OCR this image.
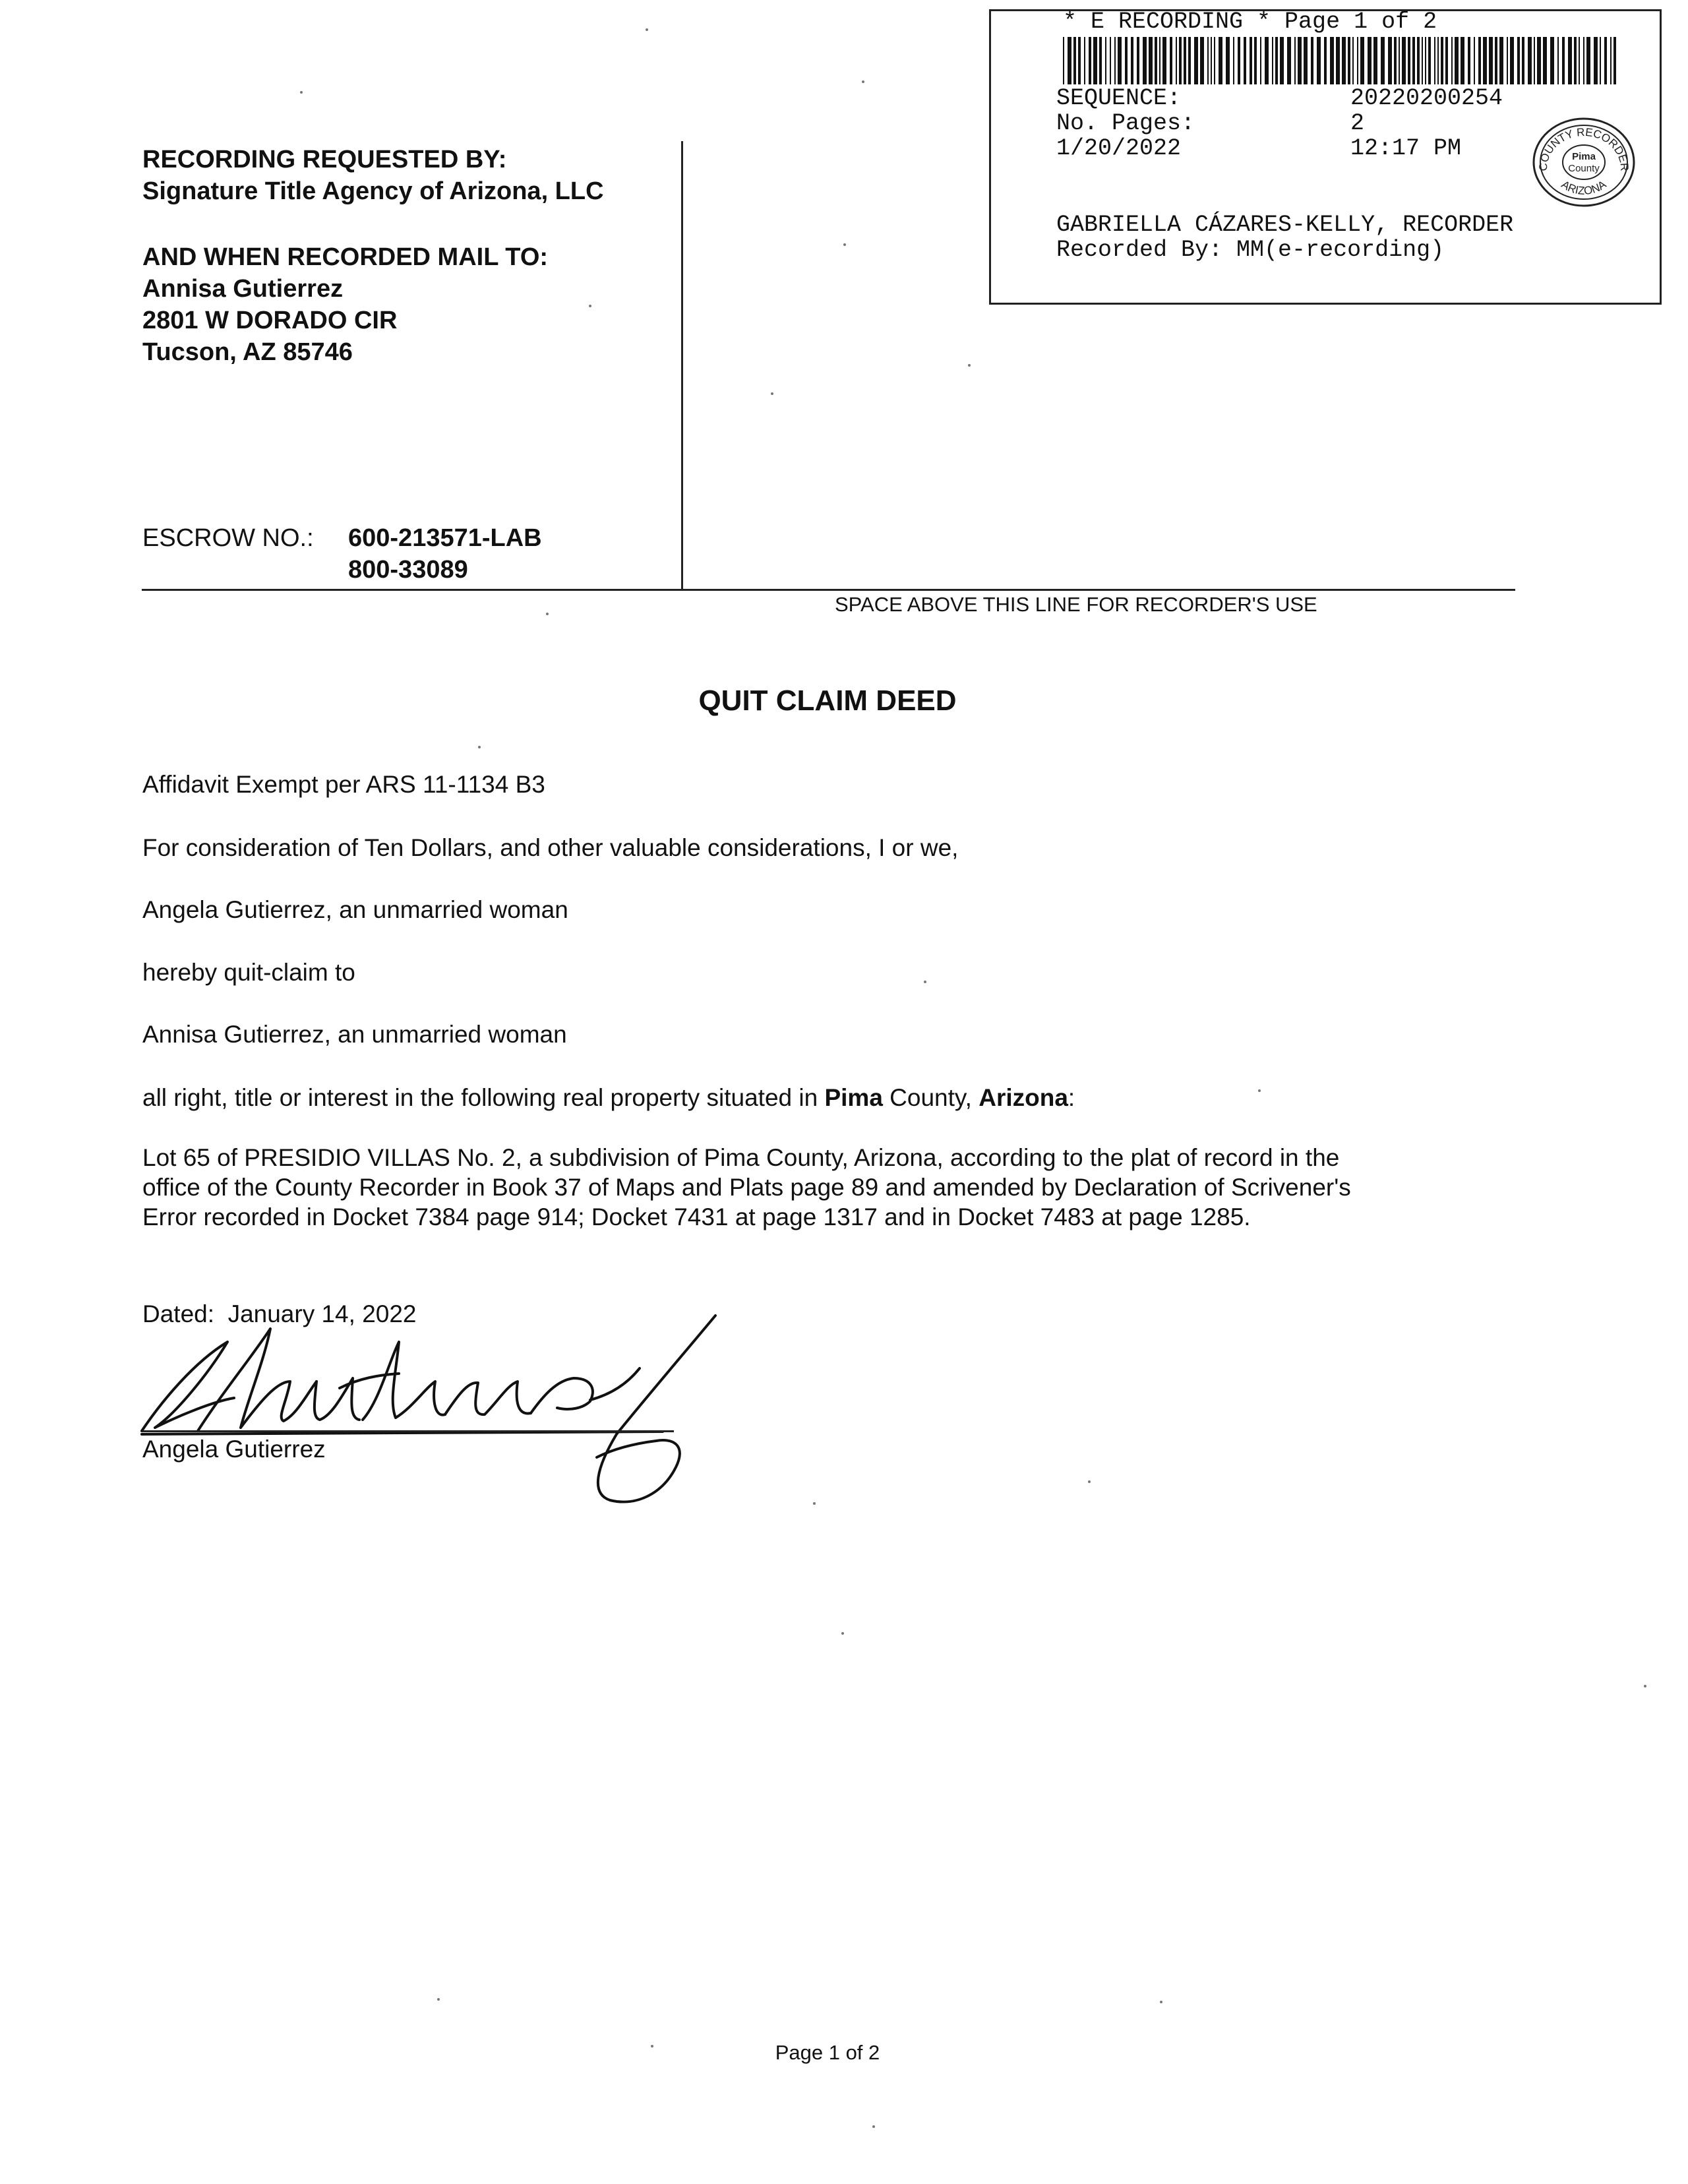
* E RECORDING * Page 1 of 2
SEQUENCE:	20220200254
No. Pages:	2
1/20/2022	12:17 PM
COUNTY RECORDER
ARIZONA
Pima
County
GABRIELLA CÁZARES-KELLY, RECORDER
Recorded By: MM(e-recording)
RECORDING REQUESTED BY:
Signature Title Agency of Arizona, LLC
AND WHEN RECORDED MAIL TO:
Annisa Gutierrez
2801 W DORADO CIR
Tucson, AZ 85746
ESCROW NO.: 600-213571-LAB
800-33089
SPACE ABOVE THIS LINE FOR RECORDER'S USE
QUIT CLAIM DEED
Affidavit Exempt per ARS 11-1134 B3
For consideration of Ten Dollars, and other valuable considerations, I or we,
Angela Gutierrez, an unmarried woman
hereby quit-claim to
Annisa Gutierrez, an unmarried woman
all right, title or interest in the following real property situated in Pima County, Arizona:
Lot 65 of PRESIDIO VILLAS No. 2, a subdivision of Pima County, Arizona, according to the plat of record in the
office of the County Recorder in Book 37 of Maps and Plats page 89 and amended by Declaration of Scrivener's
Error recorded in Docket 7384 page 914; Docket 7431 at page 1317 and in Docket 7483 at page 1285.
Dated:  January 14, 2022
Angela Gutierrez
Page 1 of 2
